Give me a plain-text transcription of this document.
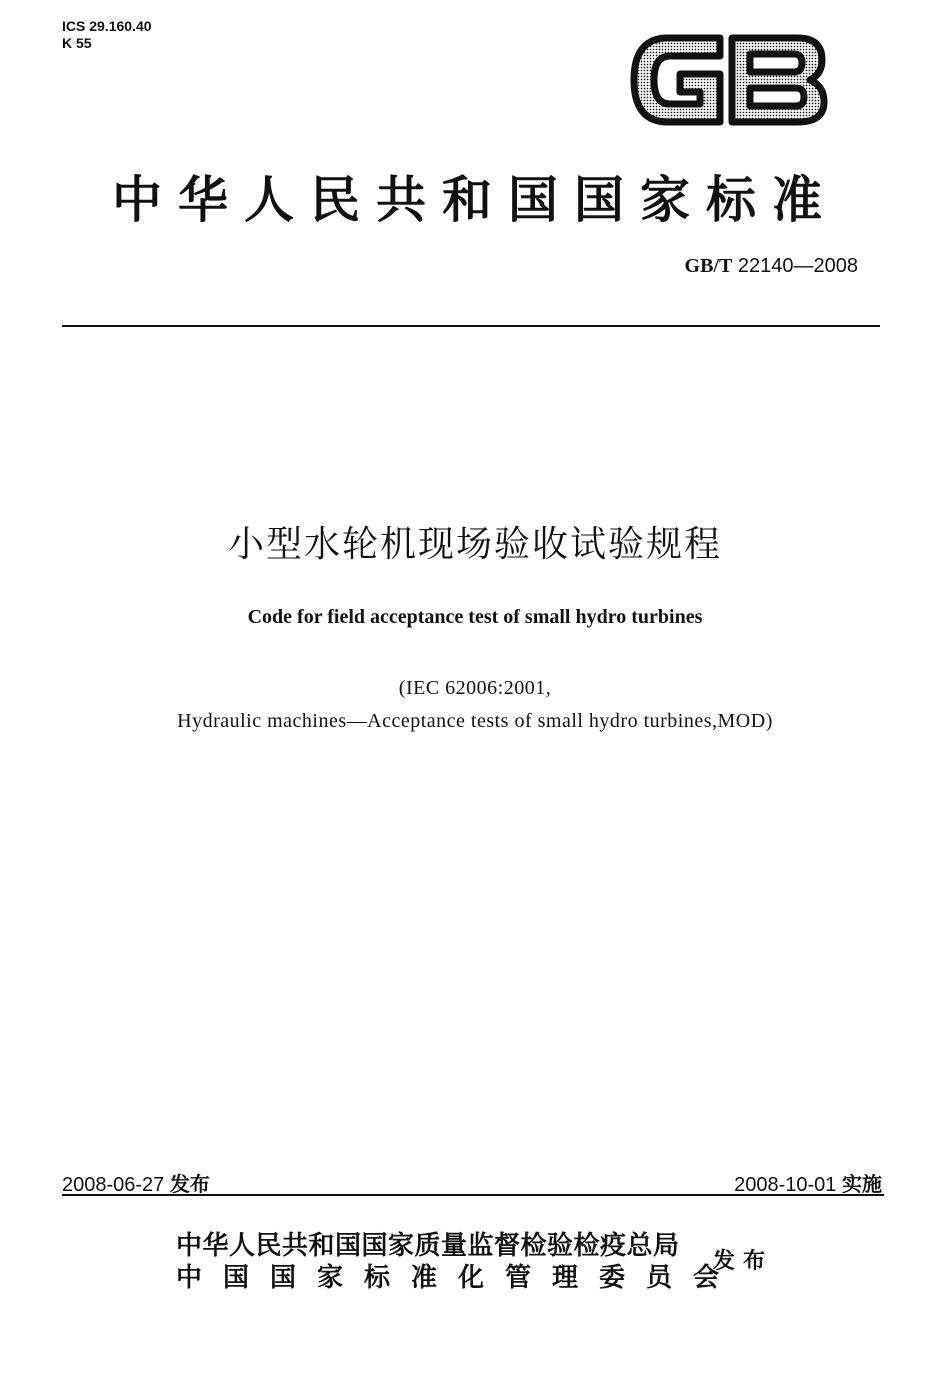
ICS 29.160.40
K 55
中华人民共和国国家标准
GB/T 22140—2008
小型水轮机现场验收试验规程
Code for field acceptance test of small hydro turbines
(IEC 62006:2001,
Hydraulic machines—Acceptance tests of small hydro turbines,MOD)
2008-06-27 发布	2008-10-01 实施
中华人民共和国国家质量监督检验检疫总局
中国国家标准化管理委员会
发布
